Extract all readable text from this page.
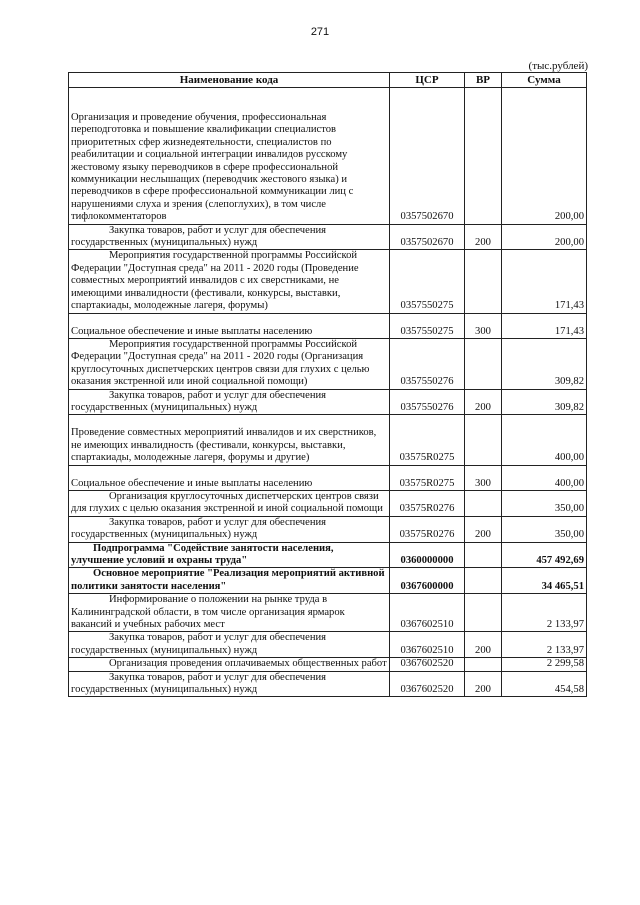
271
(тыс.рублей)
Наименование кода	ЦСР	ВР	Сумма

Организация и проведение обучения, профессиональная переподготовка и повышение квалификации специалистов приоритетных сфер жизнедеятельности, специалистов по реабилитации и социальной интеграции инвалидов русскому жестовому языку переводчиков в сфере профессиональной коммуникации неслышащих (переводчик жестового языка) и переводчиков в сфере профессиональной коммуникации лиц с нарушениями слуха и зрения (слепоглухих), в том числе тифлокомментаторов	0357502670		200,00
Закупка товаров, работ и услуг для обеспечения государственных (муниципальных) нужд	0357502670	200	200,00
Мероприятия государственной программы Российской Федерации "Доступная среда" на 2011 - 2020 годы (Проведение совместных мероприятий инвалидов с их сверстниками, не имеющими инвалидности (фестивали, конкурсы, выставки, спартакиады, молодежные лагеря, форумы)	0357550275		171,43

Социальное обеспечение и иные выплаты населению	0357550275	300	171,43
Мероприятия государственной программы Российской Федерации "Доступная среда" на 2011 - 2020 годы (Организация круглосуточных диспетчерских центров связи для глухих с целью оказания экстренной или иной социальной помощи)	0357550276		309,82
Закупка товаров, работ и услуг для обеспечения государственных (муниципальных) нужд	0357550276	200	309,82

Проведение совместных мероприятий инвалидов и их сверстников, не имеющих инвалидность (фестивали, конкурсы, выставки, спартакиады, молодежные лагеря, форумы и другие)	03575R0275		400,00

Социальное обеспечение и иные выплаты населению	03575R0275	300	400,00
Организация круглосуточных диспетчерских центров связи для глухих с целью оказания экстренной и иной социальной помощи	03575R0276		350,00
Закупка товаров, работ и услуг для обеспечения государственных (муниципальных) нужд	03575R0276	200	350,00
Подпрограмма "Содействие занятости населения, улучшение условий и охраны труда"	0360000000		457 492,69
Основное мероприятие "Реализация мероприятий активной политики занятости населения"	0367600000		34 465,51
Информирование о положении на рынке труда в Калининградской области, в том числе организация ярмарок вакансий и учебных рабочих мест	0367602510		2 133,97
Закупка товаров, работ и услуг для обеспечения государственных (муниципальных) нужд	0367602510	200	2 133,97
Организация проведения оплачиваемых общественных работ	0367602520		2 299,58
Закупка товаров, работ и услуг для обеспечения государственных (муниципальных) нужд	0367602520	200	454,58
